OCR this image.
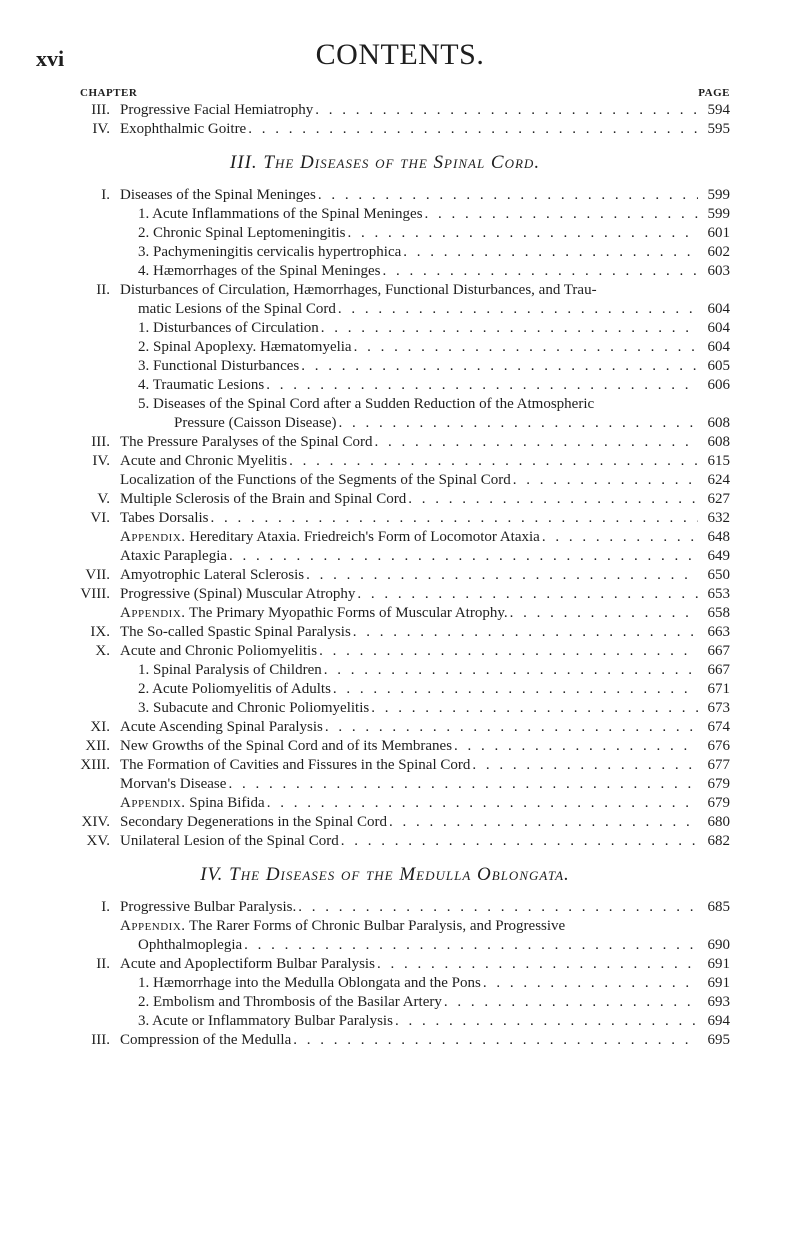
xvi	CONTENTS.
CHAPTER	PAGE
III. Progressive Facial Hemiatrophy . . .	594
IV. Exophthalmic Goitre . . .	595
III. The Diseases of the Spinal Cord.
I. Diseases of the Spinal Meninges . . .	599
1. Acute Inflammations of the Spinal Meninges . . .	599
2. Chronic Spinal Leptomeningitis . . .	601
3. Pachymeningitis cervicalis hypertrophica . . .	602
4. Hæmorrhages of the Spinal Meninges . . .	603
II. Disturbances of Circulation, Hæmorrhages, Functional Disturbances, and Trau-
matic Lesions of the Spinal Cord . . .	604
1. Disturbances of Circulation . . .	604
2. Spinal Apoplexy. Hæmatomyelia . . .	604
3. Functional Disturbances . . .	605
4. Traumatic Lesions . . .	606
5. Diseases of the Spinal Cord after a Sudden Reduction of the Atmospheric
Pressure (Caisson Disease) . . .	608
III. The Pressure Paralyses of the Spinal Cord . . .	608
IV. Acute and Chronic Myelitis . . .	615
Localization of the Functions of the Segments of the Spinal Cord . . .	624
V. Multiple Sclerosis of the Brain and Spinal Cord . . .	627
VI. Tabes Dorsalis . . .	632
Appendix. Hereditary Ataxia. Friedreich's Form of Locomotor Ataxia . . .	648
Ataxic Paraplegia . . .	649
VII. Amyotrophic Lateral Sclerosis . . .	650
VIII. Progressive (Spinal) Muscular Atrophy . . .	653
Appendix. The Primary Myopathic Forms of Muscular Atrophy. . . .	658
IX. The So-called Spastic Spinal Paralysis . . .	663
X. Acute and Chronic Poliomyelitis . . .	667
1. Spinal Paralysis of Children . . .	667
2. Acute Poliomyelitis of Adults . . .	671
3. Subacute and Chronic Poliomyelitis . . .	673
XI. Acute Ascending Spinal Paralysis . . .	674
XII. New Growths of the Spinal Cord and of its Membranes . . .	676
XIII. The Formation of Cavities and Fissures in the Spinal Cord . . .	677
Morvan's Disease . . .	679
Appendix. Spina Bifida . . .	679
XIV. Secondary Degenerations in the Spinal Cord . . .	680
XV. Unilateral Lesion of the Spinal Cord . . .	682
IV. The Diseases of the Medulla Oblongata.
I. Progressive Bulbar Paralysis. . . .	685
Appendix. The Rarer Forms of Chronic Bulbar Paralysis, and Progressive
Ophthalmoplegia . . .	690
II. Acute and Apoplectiform Bulbar Paralysis . . .	691
1. Hæmorrhage into the Medulla Oblongata and the Pons . . .	691
2. Embolism and Thrombosis of the Basilar Artery . . .	693
3. Acute or Inflammatory Bulbar Paralysis . . .	694
III. Compression of the Medulla . . .	695
